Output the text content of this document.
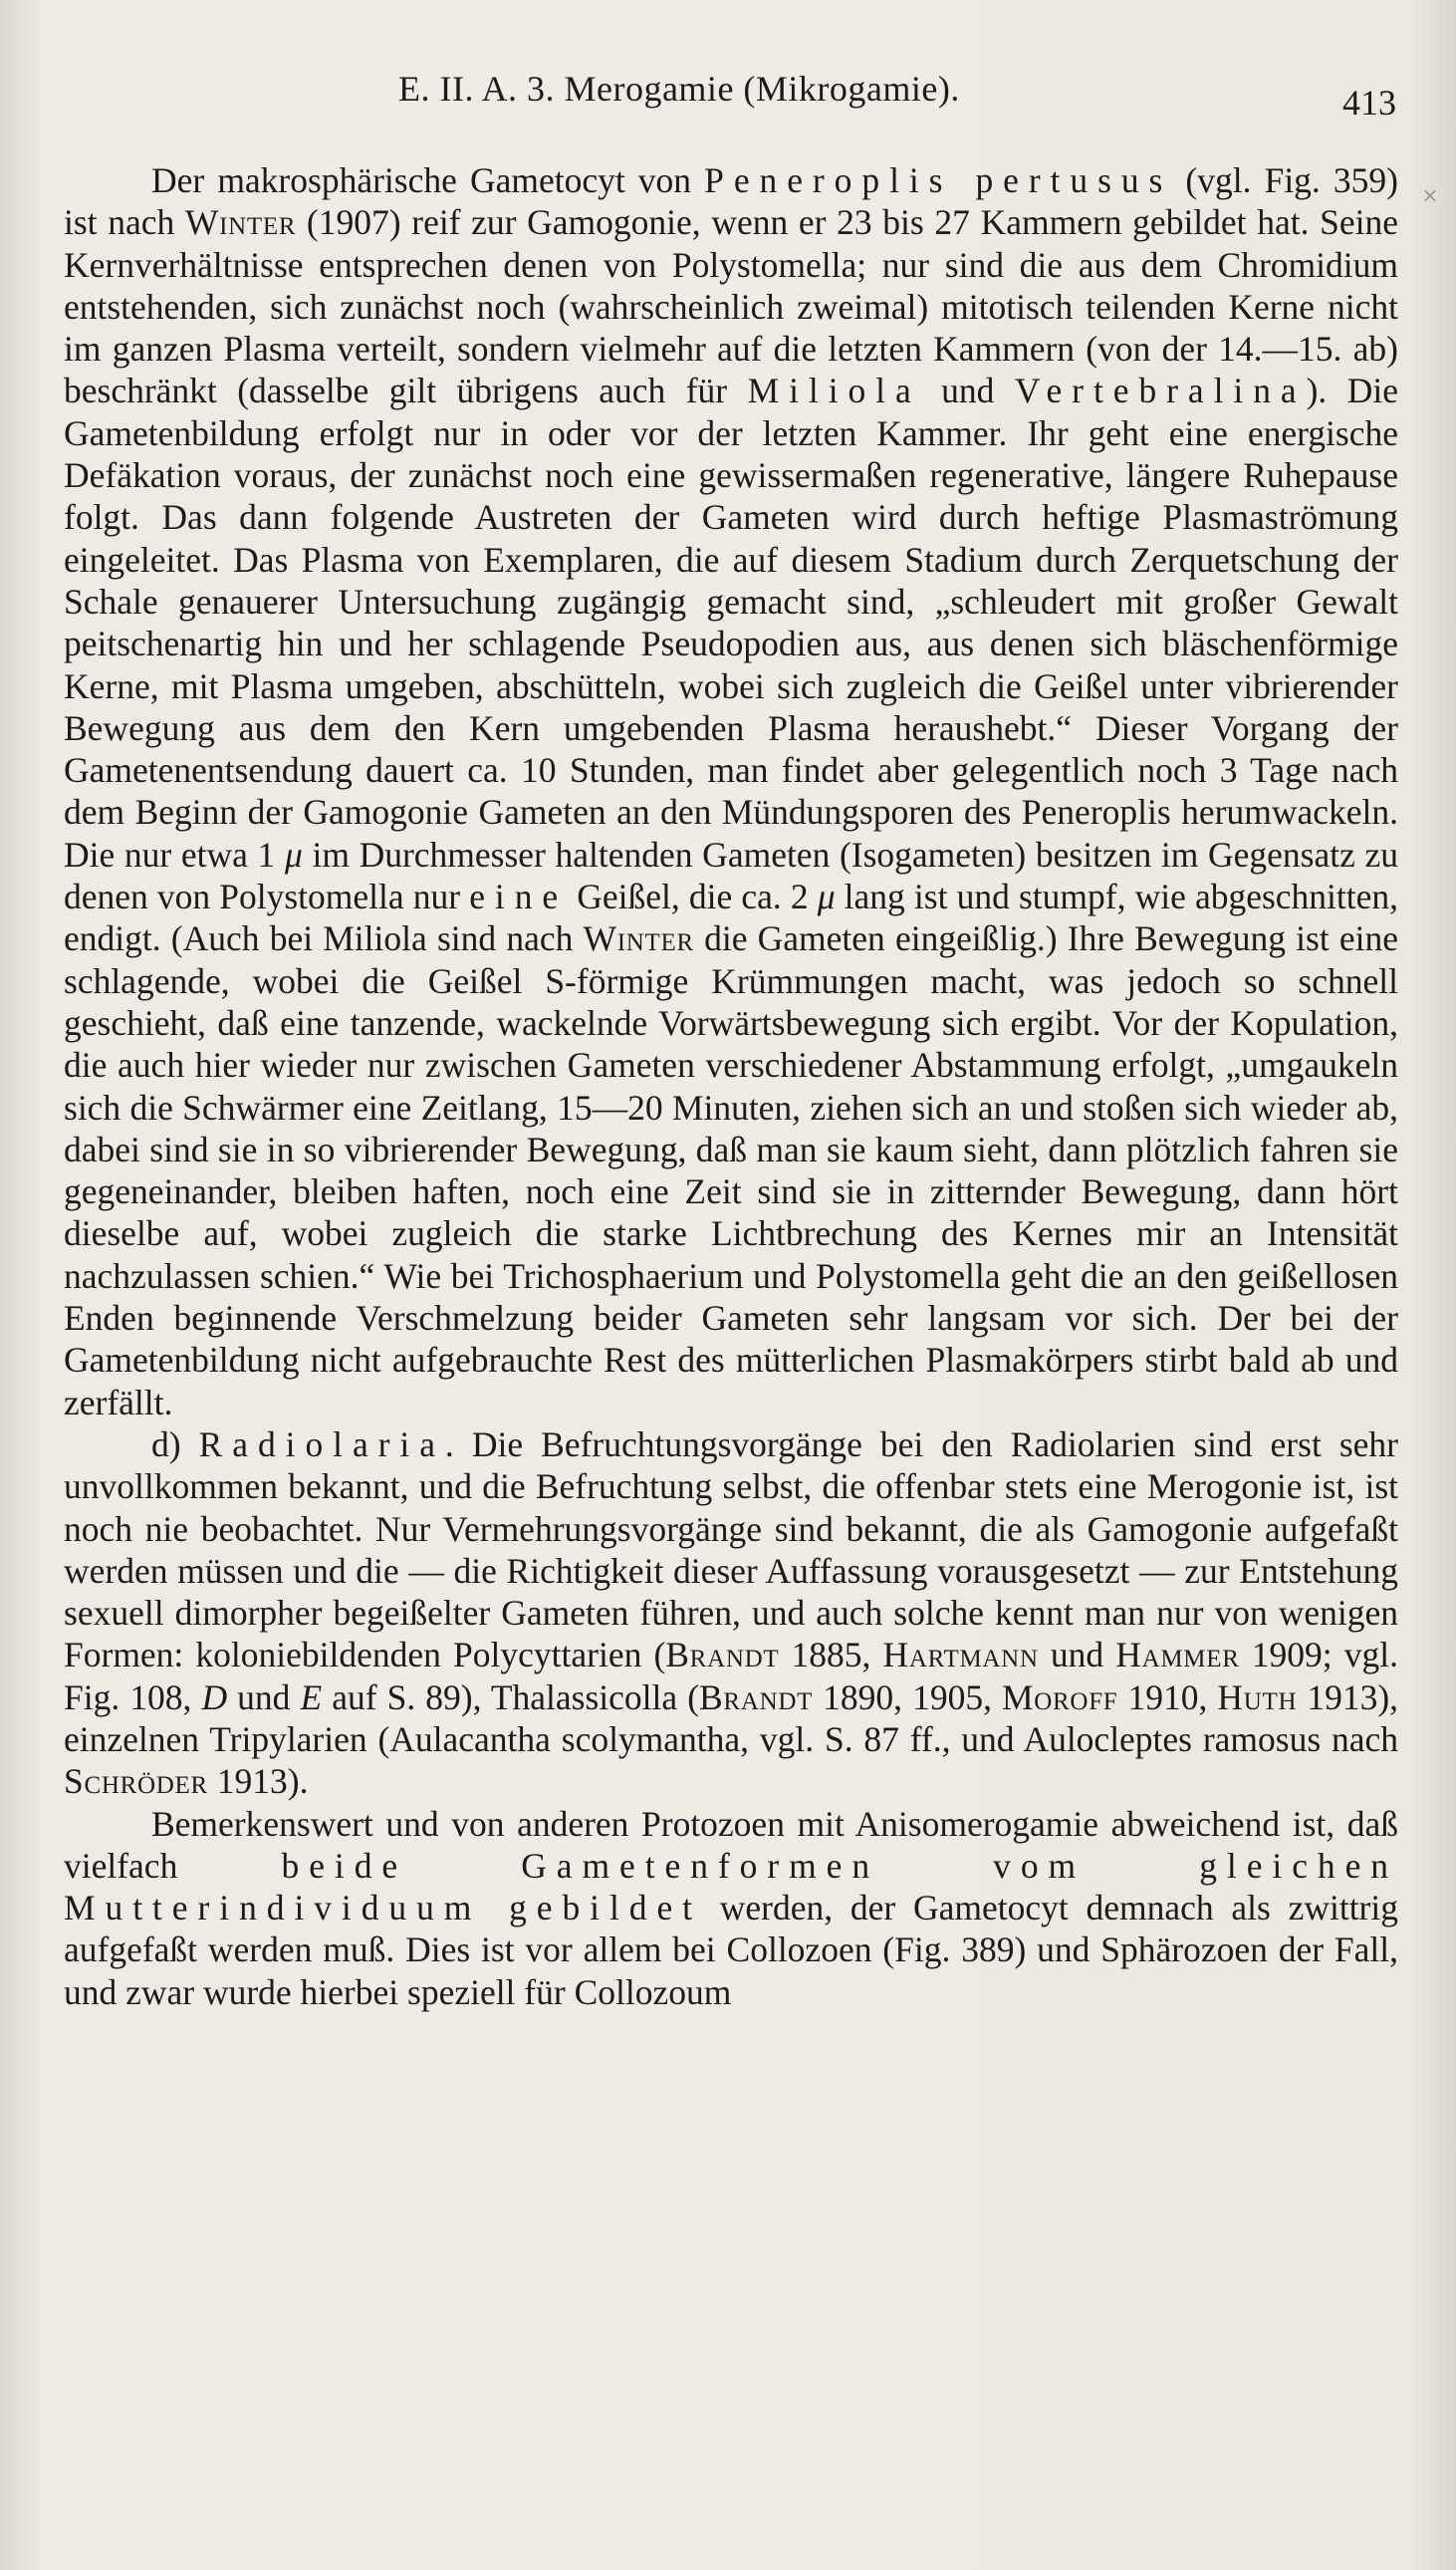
E. II. A. 3. Merogamie (Mikrogamie).	413
×

Der makrosphärische Gametocyt von Peneroplis pertusus (vgl. Fig. 359) ist nach Winter (1907) reif zur Gamogonie, wenn er 23 bis 27 Kammern gebildet hat. Seine Kernverhältnisse entsprechen denen von Polystomella; nur sind die aus dem Chromidium entstehenden, sich zunächst noch (wahrscheinlich zweimal) mitotisch teilenden Kerne nicht im ganzen Plasma verteilt, sondern vielmehr auf die letzten Kammern (von der 14.—15. ab) beschränkt (dasselbe gilt übrigens auch für Miliola und Vertebralina). Die Gametenbildung erfolgt nur in oder vor der letzten Kammer. Ihr geht eine energische Defäkation voraus, der zunächst noch eine gewissermaßen regenerative, längere Ruhepause folgt. Das dann folgende Austreten der Gameten wird durch heftige Plasmaströmung eingeleitet. Das Plasma von Exemplaren, die auf diesem Stadium durch Zerquetschung der Schale genauerer Untersuchung zugängig gemacht sind, „schleudert mit großer Gewalt peitschenartig hin und her schlagende Pseudopodien aus, aus denen sich bläschenförmige Kerne, mit Plasma umgeben, abschütteln, wobei sich zugleich die Geißel unter vibrierender Bewegung aus dem den Kern umgebenden Plasma heraushebt.“ Dieser Vorgang der Gametenentsendung dauert ca. 10 Stunden, man findet aber gelegentlich noch 3 Tage nach dem Beginn der Gamogonie Gameten an den Mündungsporen des Peneroplis herumwackeln. Die nur etwa 1 μ im Durchmesser haltenden Gameten (Isogameten) besitzen im Gegensatz zu denen von Polystomella nur eine Geißel, die ca. 2 μ lang ist und stumpf, wie abgeschnitten, endigt. (Auch bei Miliola sind nach Winter die Gameten eingeißlig.) Ihre Bewegung ist eine schlagende, wobei die Geißel S-förmige Krümmungen macht, was jedoch so schnell geschieht, daß eine tanzende, wackelnde Vorwärtsbewegung sich ergibt. Vor der Kopulation, die auch hier wieder nur zwischen Gameten verschiedener Abstammung erfolgt, „umgaukeln sich die Schwärmer eine Zeitlang, 15—20 Minuten, ziehen sich an und stoßen sich wieder ab, dabei sind sie in so vibrierender Bewegung, daß man sie kaum sieht, dann plötzlich fahren sie gegeneinander, bleiben haften, noch eine Zeit sind sie in zitternder Bewegung, dann hört dieselbe auf, wobei zugleich die starke Lichtbrechung des Kernes mir an Intensität nachzulassen schien.“ Wie bei Trichosphaerium und Polystomella geht die an den geißellosen Enden beginnende Verschmelzung beider Gameten sehr langsam vor sich. Der bei der Gametenbildung nicht aufgebrauchte Rest des mütterlichen Plasmakörpers stirbt bald ab und zerfällt.

d) Radiolaria. Die Befruchtungsvorgänge bei den Radiolarien sind erst sehr unvollkommen bekannt, und die Befruchtung selbst, die offenbar stets eine Merogonie ist, ist noch nie beobachtet. Nur Vermehrungsvorgänge sind bekannt, die als Gamogonie aufgefaßt werden müssen und die — die Richtigkeit dieser Auffassung vorausgesetzt — zur Entstehung sexuell dimorpher begeißelter Gameten führen, und auch solche kennt man nur von wenigen Formen: koloniebildenden Polycyttarien (Brandt 1885, Hartmann und Hammer 1909; vgl. Fig. 108, D und E auf S. 89), Thalassicolla (Brandt 1890, 1905, Moroff 1910, Huth 1913), einzelnen Tripylarien (Aulacantha scolymantha, vgl. S. 87 ff., und Aulocleptes ramosus nach Schröder 1913).

Bemerkenswert und von anderen Protozoen mit Anisomerogamie abweichend ist, daß vielfach beide Gametenformen vom gleichen Mutterindividuum gebildet werden, der Gametocyt demnach als zwittrig aufgefaßt werden muß. Dies ist vor allem bei Collozoen (Fig. 389) und Sphärozoen der Fall, und zwar wurde hierbei speziell für Collozoum
